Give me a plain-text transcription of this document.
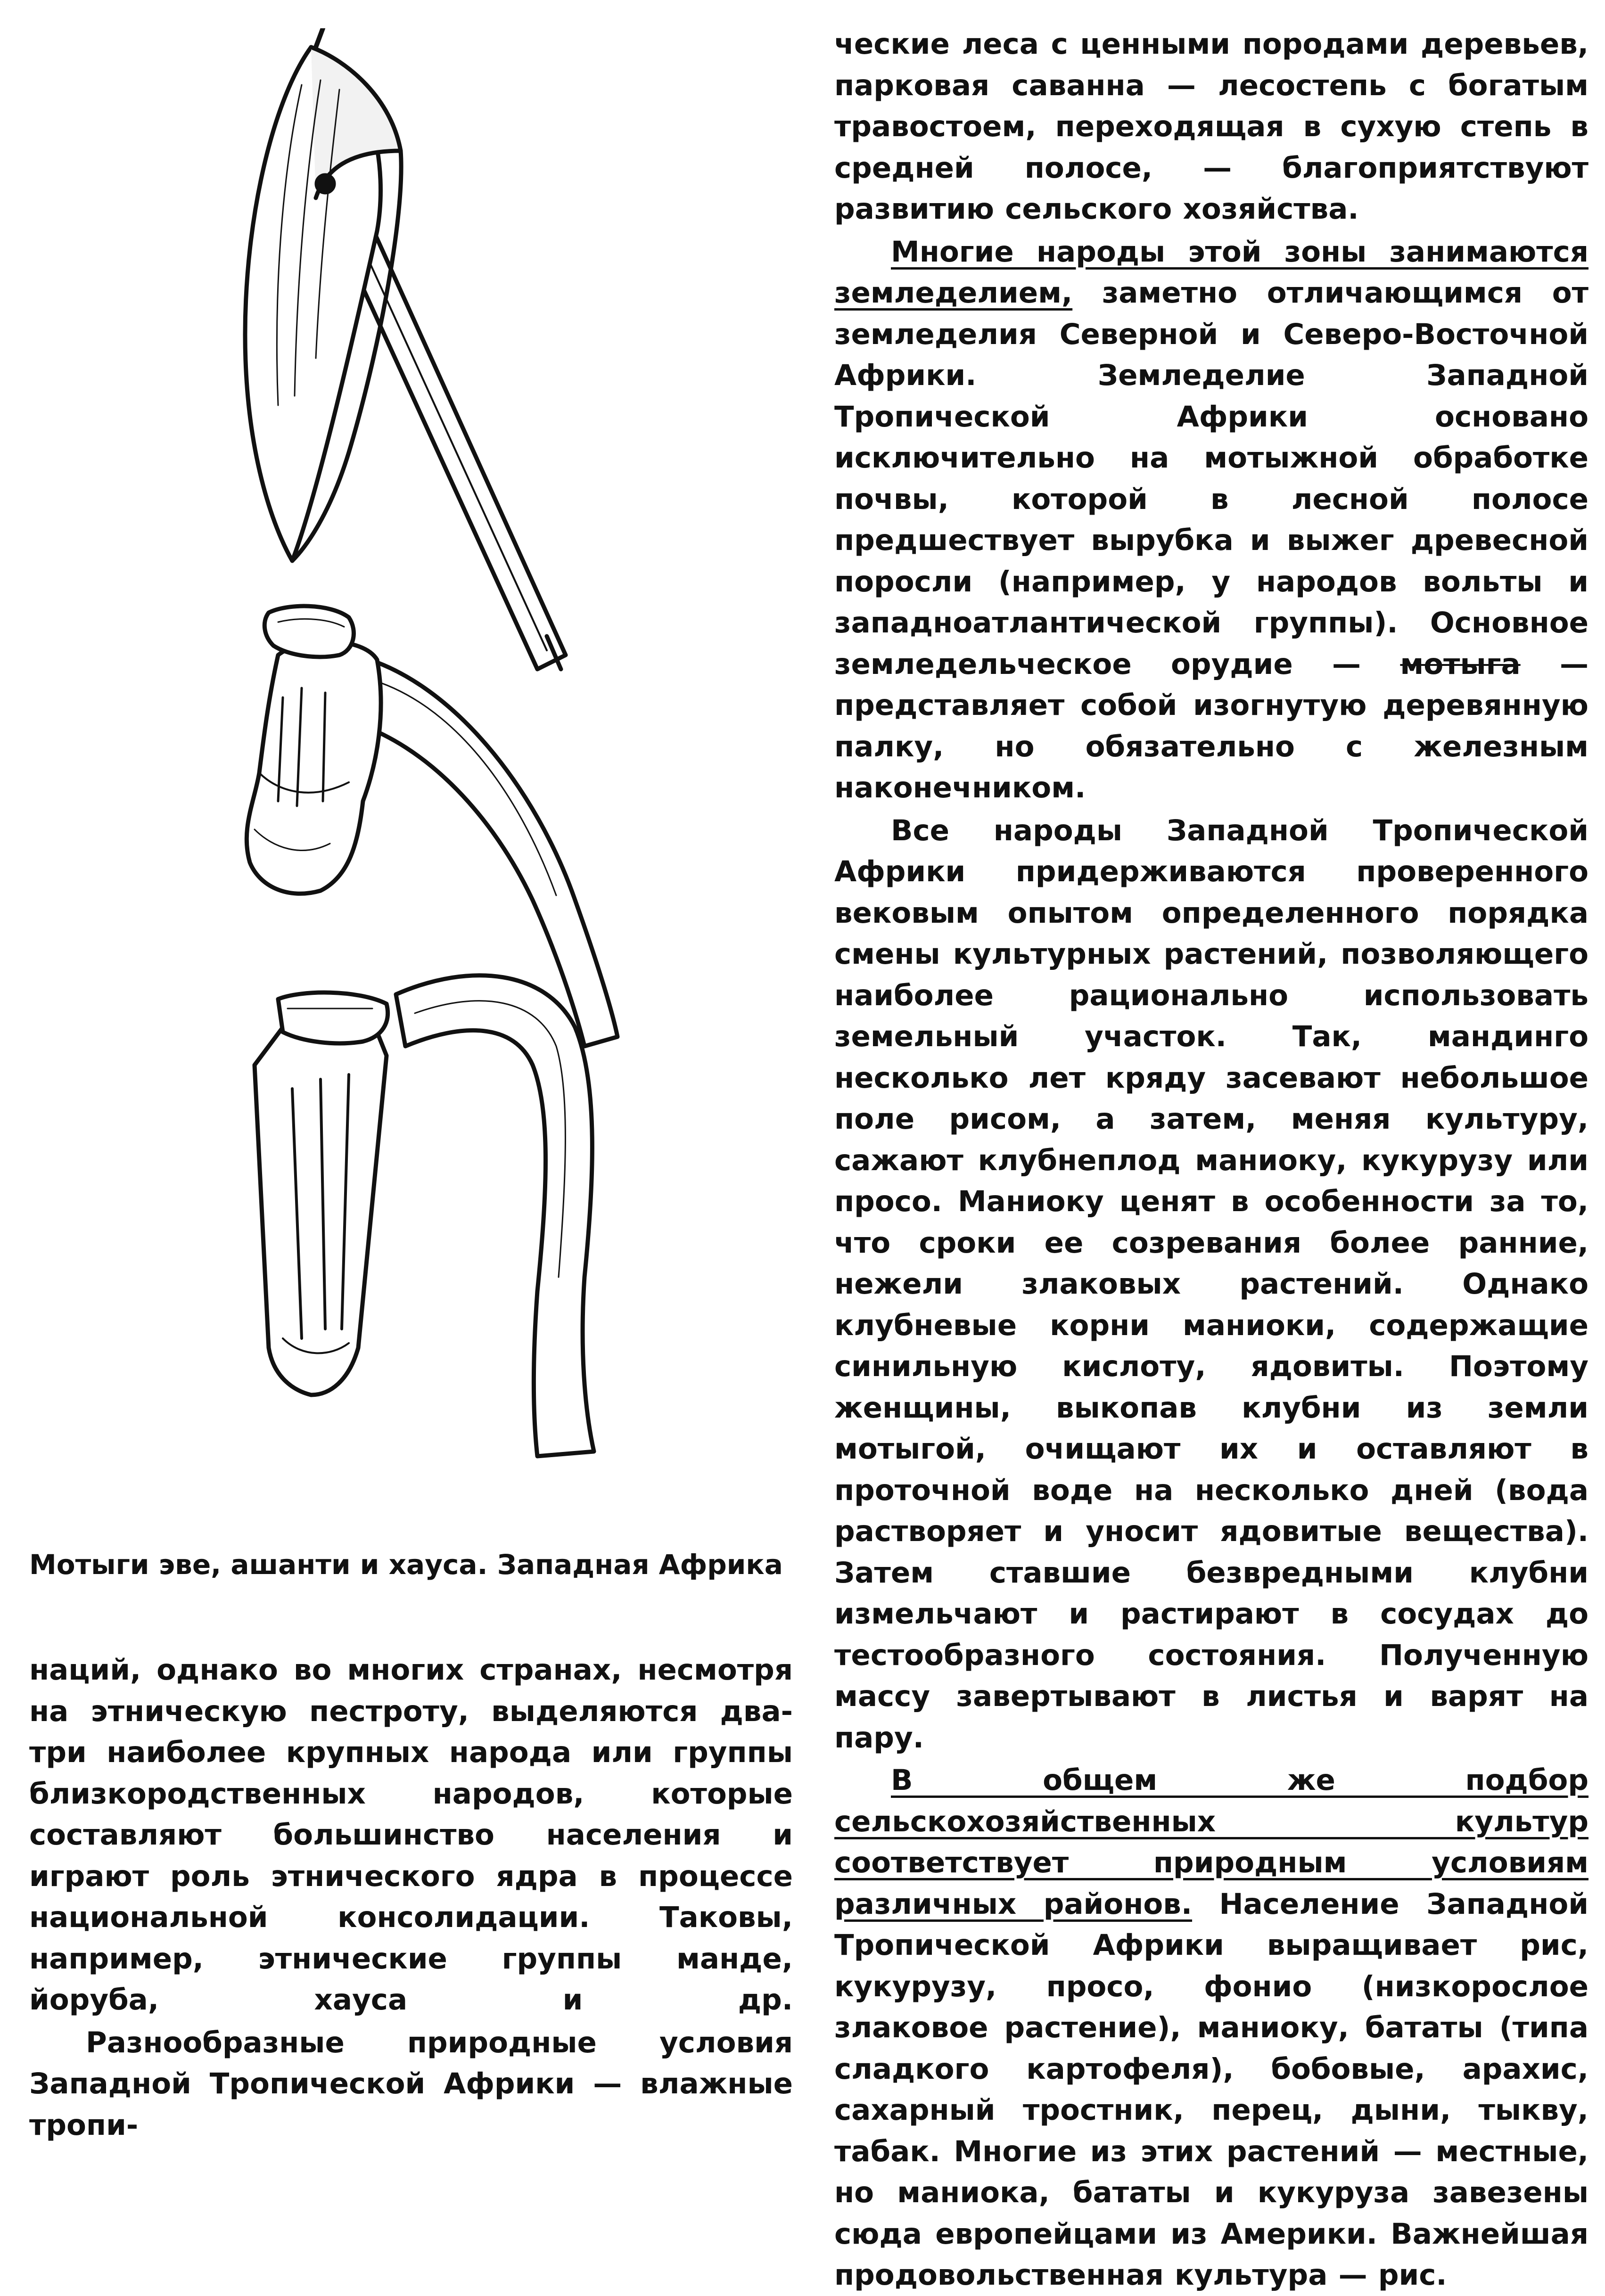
Мотыги эве, ашанти и хауса. Западная Африка

наций, однако во многих странах, несмотря на этническую пестроту, выделяются два-три наиболее крупных народа или группы близкородственных народов, которые составляют большинство населения и играют роль этнического ядра в процессе национальной консолидации. Таковы, например, этнические группы манде, йоруба, хауса и др.

Разнообразные природные условия Западной Тропической Африки — влажные тропи-

ческие леса с ценными породами деревьев, парковая саванна — лесостепь с богатым травостоем, переходящая в сухую степь в средней полосе, — благоприятствуют развитию сельского хозяйства.

Многие народы этой зоны занимаются земледелием, заметно отличающимся от земледелия Северной и Северо-Восточной Африки. Земледелие Западной Тропической Африки основано исключительно на мотыжной обработке почвы, которой в лесной полосе предшествует вырубка и выжег древесной поросли (например, у народов вольты и западноатлантической группы). Основное земледельческое орудие — мотыга — представляет собой изогнутую деревянную палку, но обязательно с железным наконечником.

Все народы Западной Тропической Африки придерживаются проверенного вековым опытом определенного порядка смены культурных растений, позволяющего наиболее рационально использовать земельный участок. Так, мандинго несколько лет кряду засевают небольшое поле рисом, а затем, меняя культуру, сажают клубнеплод маниоку, кукурузу или просо. Маниоку ценят в особенности за то, что сроки ее созревания более ранние, нежели злаковых растений. Однако клубневые корни маниоки, содержащие синильную кислоту, ядовиты. Поэтому женщины, выкопав клубни из земли мотыгой, очищают их и оставляют в проточной воде на несколько дней (вода растворяет и уносит ядовитые вещества). Затем ставшие безвредными клубни измельчают и растирают в сосудах до тестообразного состояния. Полученную массу завертывают в листья и варят на пару.

В общем же подбор сельскохозяйственных культур соответствует природным условиям различных районов. Население Западной Тропической Африки выращивает рис, кукурузу, просо, фонио (низкорослое злаковое растение), маниоку, бататы (типа сладкого картофеля), бобовые, арахис, сахарный тростник, перец, дыни, тыкву, табак. Многие из этих растений — местные, но маниока, бататы и кукуруза завезены сюда европейцами из Америки. Важнейшая продовольственная культура — рис.
